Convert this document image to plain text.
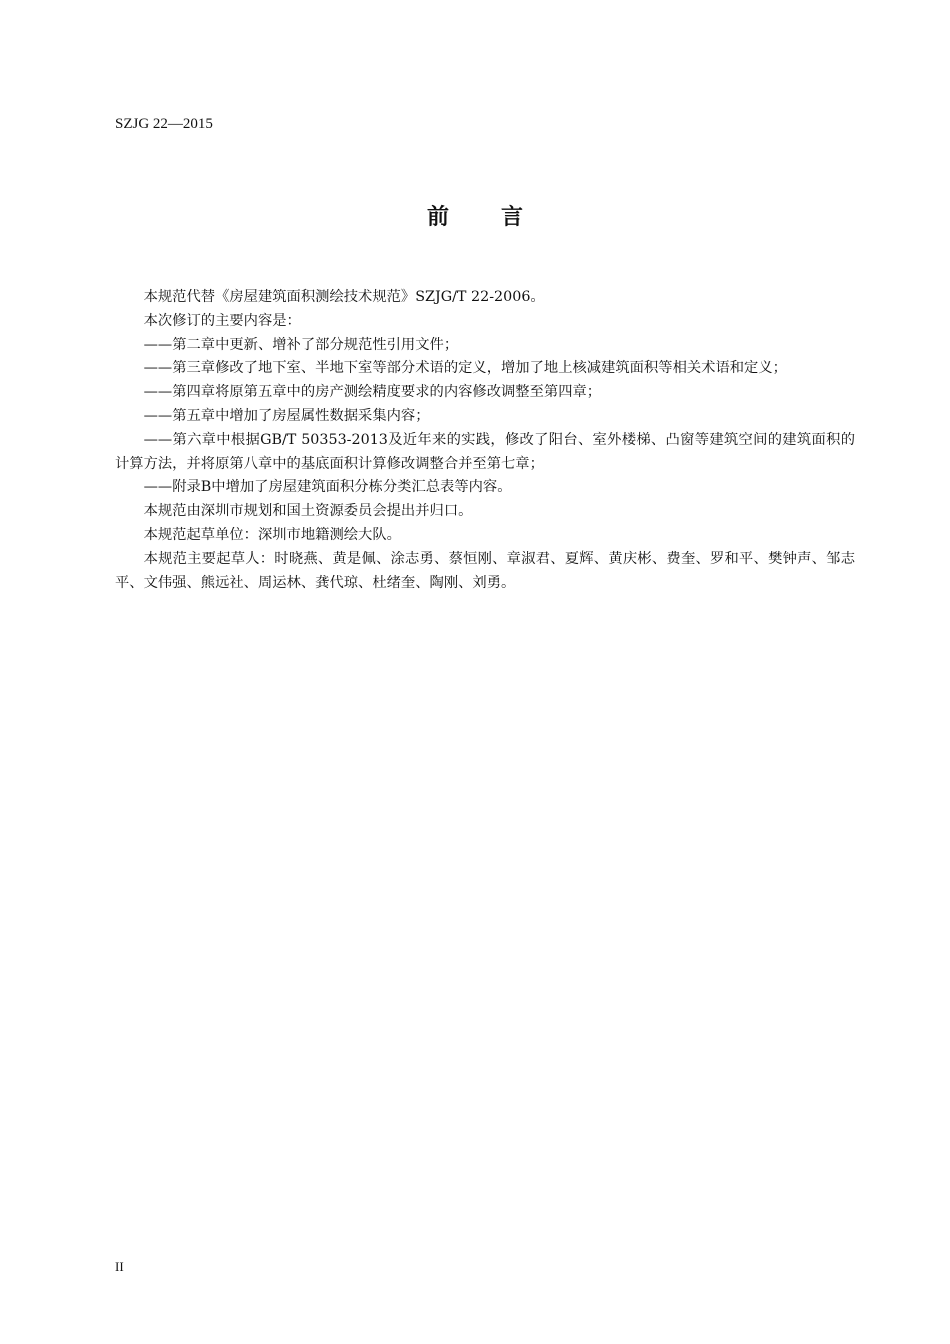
SZJG 22—2015
前言

本规范代替《房屋建筑面积测绘技术规范》SZJG/T 22-2006。

本次修订的主要内容是：

——第二章中更新、增补了部分规范性引用文件；

——第三章修改了地下室、半地下室等部分术语的定义，增加了地上核减建筑面积等相关术语和定义；

——第四章将原第五章中的房产测绘精度要求的内容修改调整至第四章；

——第五章中增加了房屋属性数据采集内容；

——第六章中根据GB/T 50353-2013及近年来的实践，修改了阳台、室外楼梯、凸窗等建筑空间的建筑面积的计算方法，并将原第八章中的基底面积计算修改调整合并至第七章；

——附录B中增加了房屋建筑面积分栋分类汇总表等内容。

本规范由深圳市规划和国土资源委员会提出并归口。

本规范起草单位：深圳市地籍测绘大队。

本规范主要起草人：时晓燕、黄是佩、涂志勇、蔡恒刚、章淑君、夏辉、黄庆彬、费奎、罗和平、樊钟声、邹志平、文伟强、熊远社、周运林、龚代琼、杜绪奎、陶刚、刘勇。

II
